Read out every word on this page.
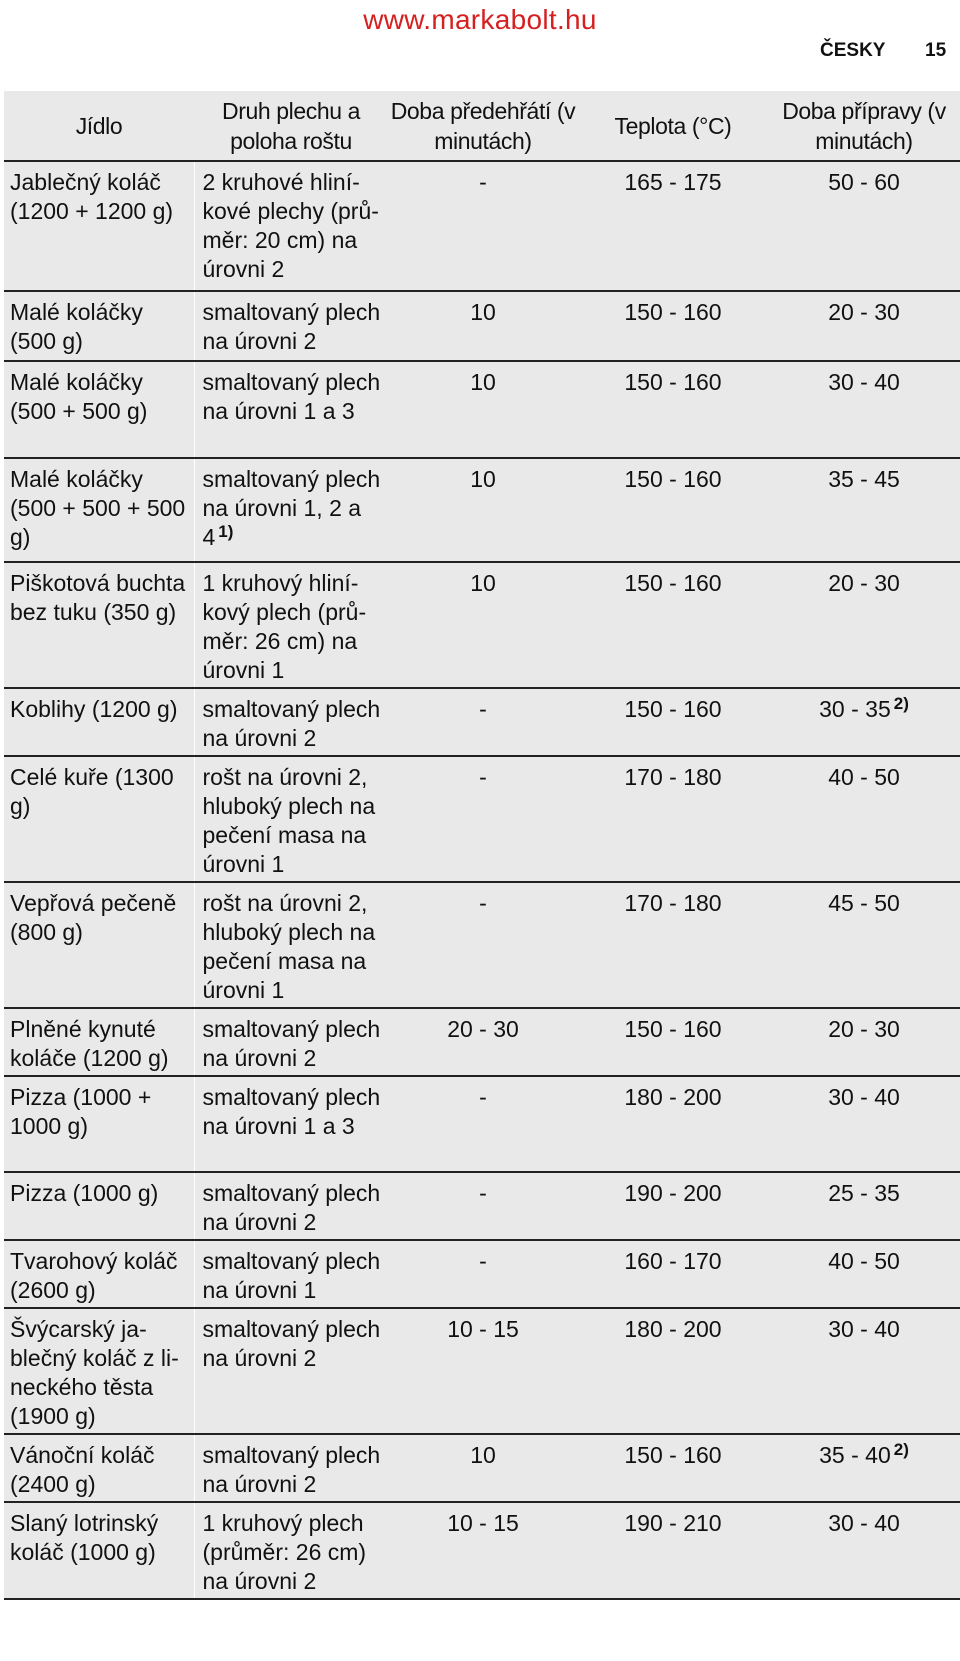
www.markabolt.hu
ČESKY 15
Jídlo	Druh plechu a poloha roštu	Doba předehřátí (v minutách)	Teplota (°C)	Doba přípravy (v minutách)
Jablečný koláč (1200 + 1200 g)	2 kruhové hliní-kové plechy (prů-měr: 20 cm) na úrovni 2	-	165 - 175	50 - 60
Malé koláčky (500 g)	smaltovaný plech na úrovni 2	10	150 - 160	20 - 30
Malé koláčky (500 + 500 g)	smaltovaný plech na úrovni 1 a 3	10	150 - 160	30 - 40
Malé koláčky (500 + 500 + 500 g)	smaltovaný plech na úrovni 1, 2 a 4 $^{1)}$	10	150 - 160	35 - 45
Piškotová buchta bez tuku (350 g)	1 kruhový hliní-kový plech (prů-měr: 26 cm) na úrovni 1	10	150 - 160	20 - 30
Koblihy (1200 g)	smaltovaný plech na úrovni 2	-	150 - 160	30 - 35 $^{2)}$
Celé kuře (1300 g)	rošt na úrovni 2, hluboký plech na pečení masa na úrovni 1	-	170 - 180	40 - 50
Vepřová pečeně (800 g)	rošt na úrovni 2, hluboký plech na pečení masa na úrovni 1	-	170 - 180	45 - 50
Plněné kynuté koláče (1200 g)	smaltovaný plech na úrovni 2	20 - 30	150 - 160	20 - 30
Pizza (1000 + 1000 g)	smaltovaný plech na úrovni 1 a 3	-	180 - 200	30 - 40
Pizza (1000 g)	smaltovaný plech na úrovni 2	-	190 - 200	25 - 35
Tvarohový koláč (2600 g)	smaltovaný plech na úrovni 1	-	160 - 170	40 - 50
Švýcarský ja-blečný koláč z li-neckého těsta (1900 g)	smaltovaný plech na úrovni 2	10 - 15	180 - 200	30 - 40
Vánoční koláč (2400 g)	smaltovaný plech na úrovni 2	10	150 - 160	35 - 40 $^{2)}$
Slaný lotrinský koláč (1000 g)	1 kruhový plech (průměr: 26 cm) na úrovni 2	10 - 15	190 - 210	30 - 40
